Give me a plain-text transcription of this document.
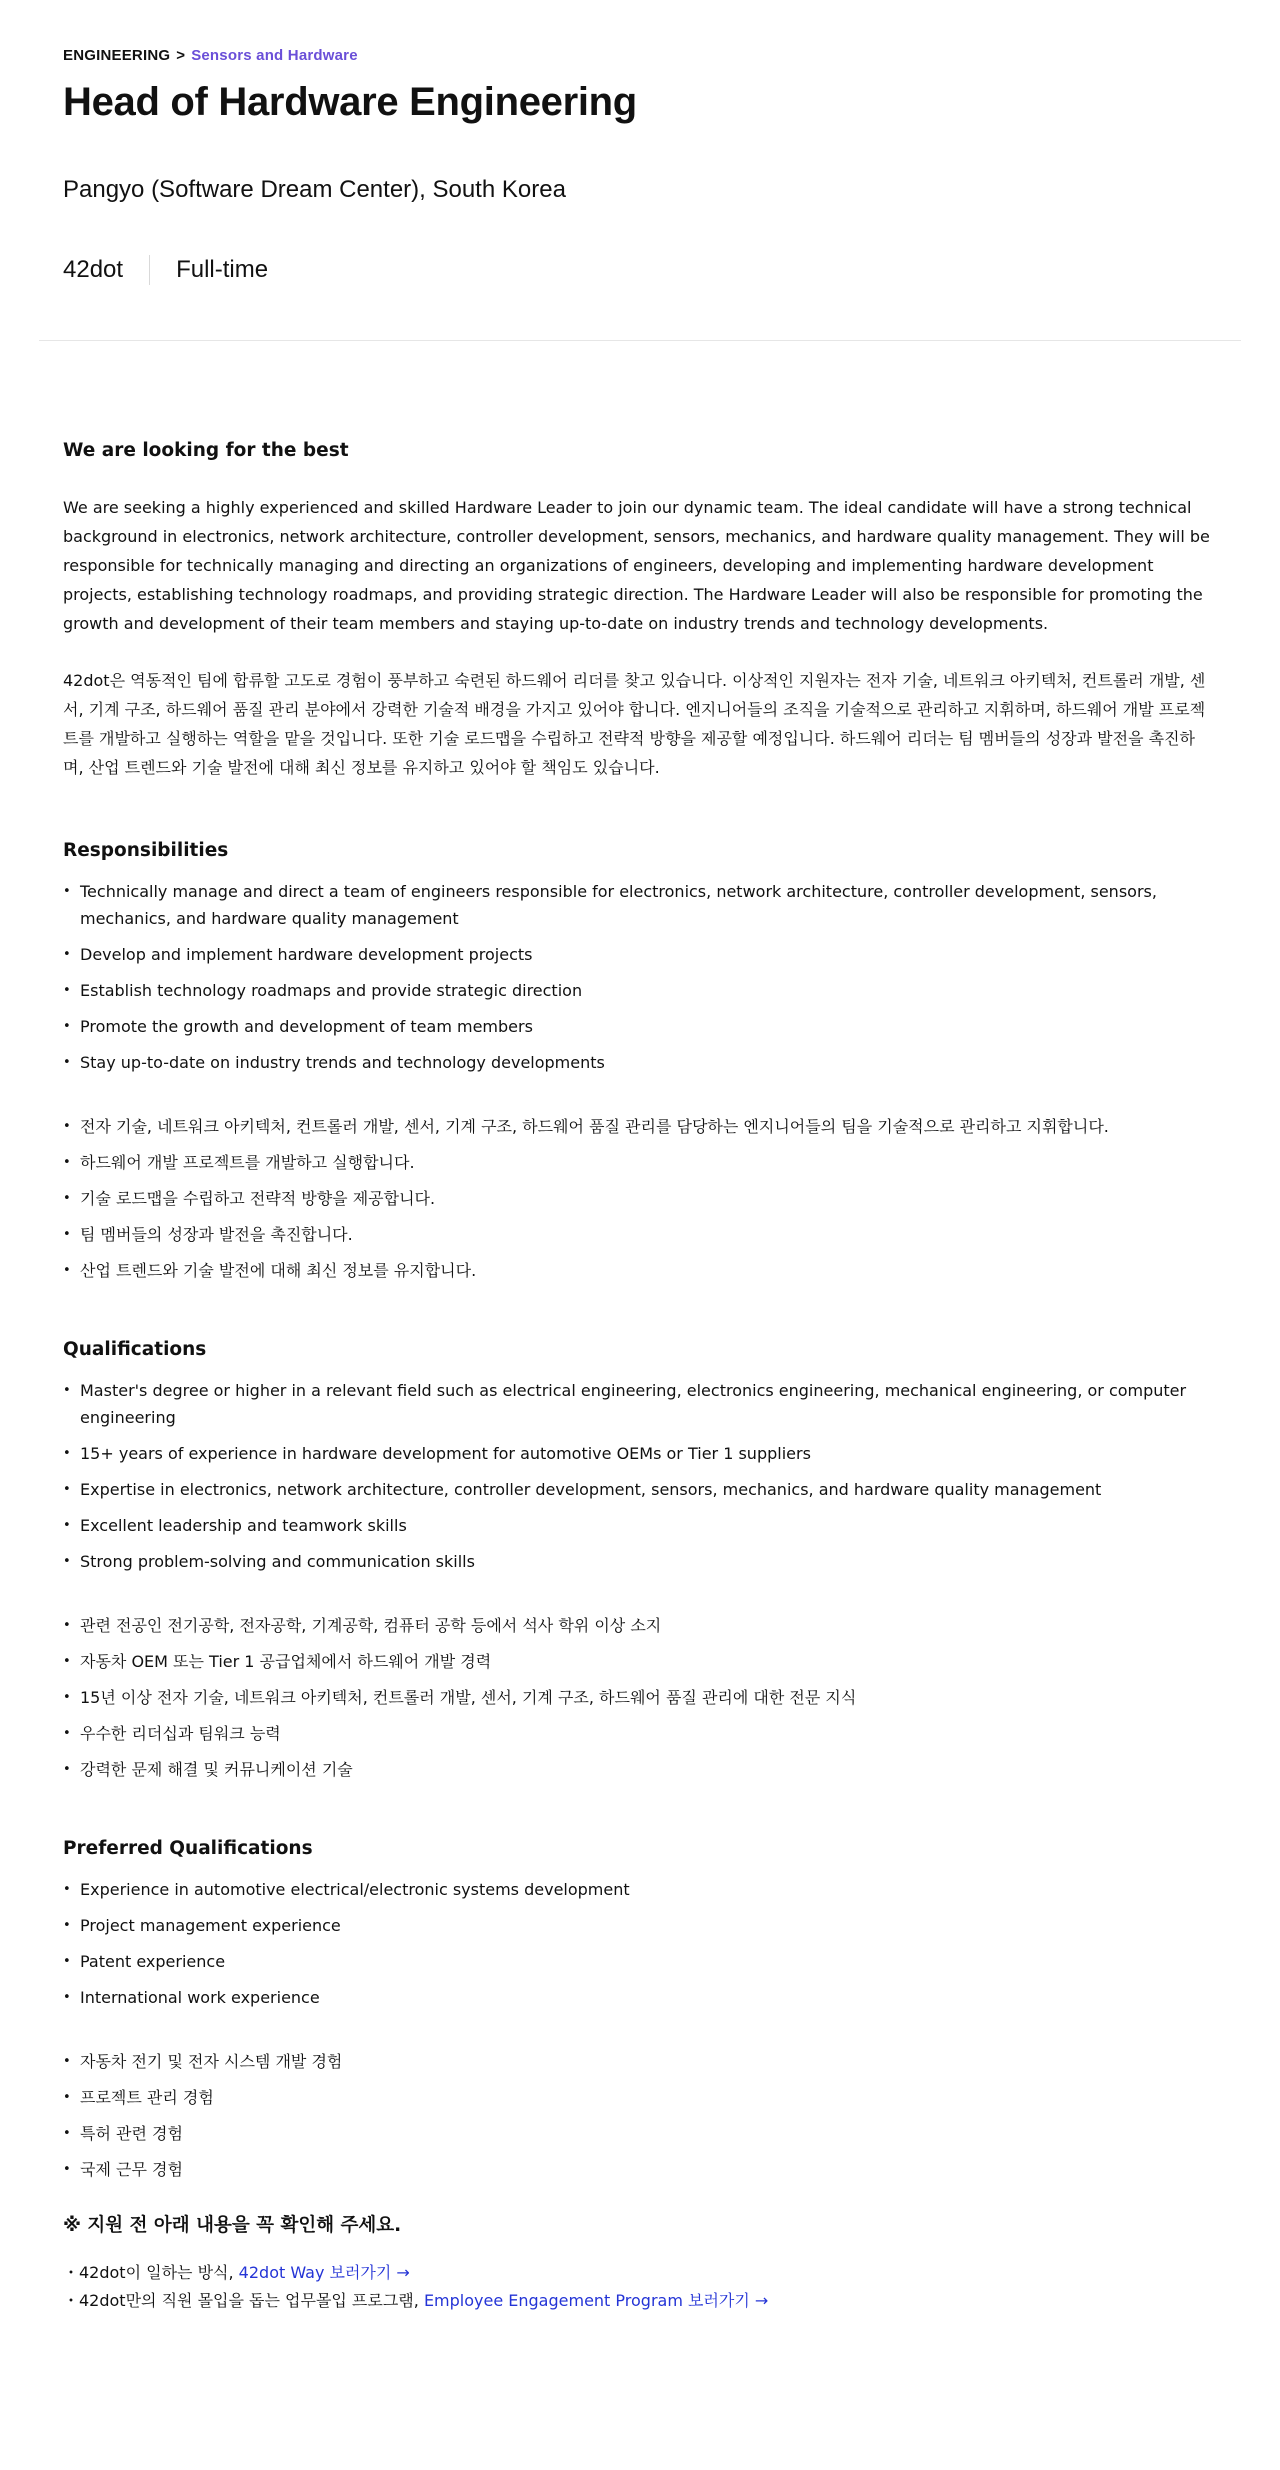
ENGINEERING > Sensors and Hardware
Head of Hardware Engineering
Pangyo (Software Dream Center), South Korea
42dot Full-time
We are looking for the best

We are seeking a highly experienced and skilled Hardware Leader to join our dynamic team. The ideal candidate will have a strong technical background in electronics, network architecture, controller development, sensors, mechanics, and hardware quality management. They will be responsible for technically managing and directing an organizations of engineers, developing and implementing hardware development projects, establishing technology roadmaps, and providing strategic direction. The Hardware Leader will also be responsible for promoting the growth and development of their team members and staying up-to-date on industry trends and technology developments.

42dot은 역동적인 팀에 합류할 고도로 경험이 풍부하고 숙련된 하드웨어 리더를 찾고 있습니다. 이상적인 지원자는 전자 기술, 네트워크 아키텍처, 컨트롤러 개발, 센서, 기계 구조, 하드웨어 품질 관리 분야에서 강력한 기술적 배경을 가지고 있어야 합니다. 엔지니어들의 조직을 기술적으로 관리하고 지휘하며, 하드웨어 개발 프로젝트를 개발하고 실행하는 역할을 맡을 것입니다. 또한 기술 로드맵을 수립하고 전략적 방향을 제공할 예정입니다. 하드웨어 리더는 팀 멤버들의 성장과 발전을 촉진하며, 산업 트렌드와 기술 발전에 대해 최신 정보를 유지하고 있어야 할 책임도 있습니다.

Responsibilities
• Technically manage and direct a team of engineers responsible for electronics, network architecture, controller development, sensors, mechanics, and hardware quality management
• Develop and implement hardware development projects
• Establish technology roadmaps and provide strategic direction
• Promote the growth and development of team members
• Stay up-to-date on industry trends and technology developments
• 전자 기술, 네트워크 아키텍처, 컨트롤러 개발, 센서, 기계 구조, 하드웨어 품질 관리를 담당하는 엔지니어들의 팀을 기술적으로 관리하고 지휘합니다.
• 하드웨어 개발 프로젝트를 개발하고 실행합니다.
• 기술 로드맵을 수립하고 전략적 방향을 제공합니다.
• 팀 멤버들의 성장과 발전을 촉진합니다.
• 산업 트렌드와 기술 발전에 대해 최신 정보를 유지합니다.
Qualifications
• Master's degree or higher in a relevant field such as electrical engineering, electronics engineering, mechanical engineering, or computer engineering
• 15+ years of experience in hardware development for automotive OEMs or Tier 1 suppliers
• Expertise in electronics, network architecture, controller development, sensors, mechanics, and hardware quality management
• Excellent leadership and teamwork skills
• Strong problem-solving and communication skills
• 관련 전공인 전기공학, 전자공학, 기계공학, 컴퓨터 공학 등에서 석사 학위 이상 소지
• 자동차 OEM 또는 Tier 1 공급업체에서 하드웨어 개발 경력
• 15년 이상 전자 기술, 네트워크 아키텍처, 컨트롤러 개발, 센서, 기계 구조, 하드웨어 품질 관리에 대한 전문 지식
• 우수한 리더십과 팀워크 능력
• 강력한 문제 해결 및 커뮤니케이션 기술
Preferred Qualifications
• Experience in automotive electrical/electronic systems development
• Project management experience
• Patent experience
• International work experience
• 자동차 전기 및 전자 시스템 개발 경험
• 프로젝트 관리 경험
• 특허 관련 경험
• 국제 근무 경험

※ 지원 전 아래 내용을 꼭 확인해 주세요.

・42dot이 일하는 방식, 42dot Way 보러가기 →
・42dot만의 직원 몰입을 돕는 업무몰입 프로그램, Employee Engagement Program 보러가기 →
